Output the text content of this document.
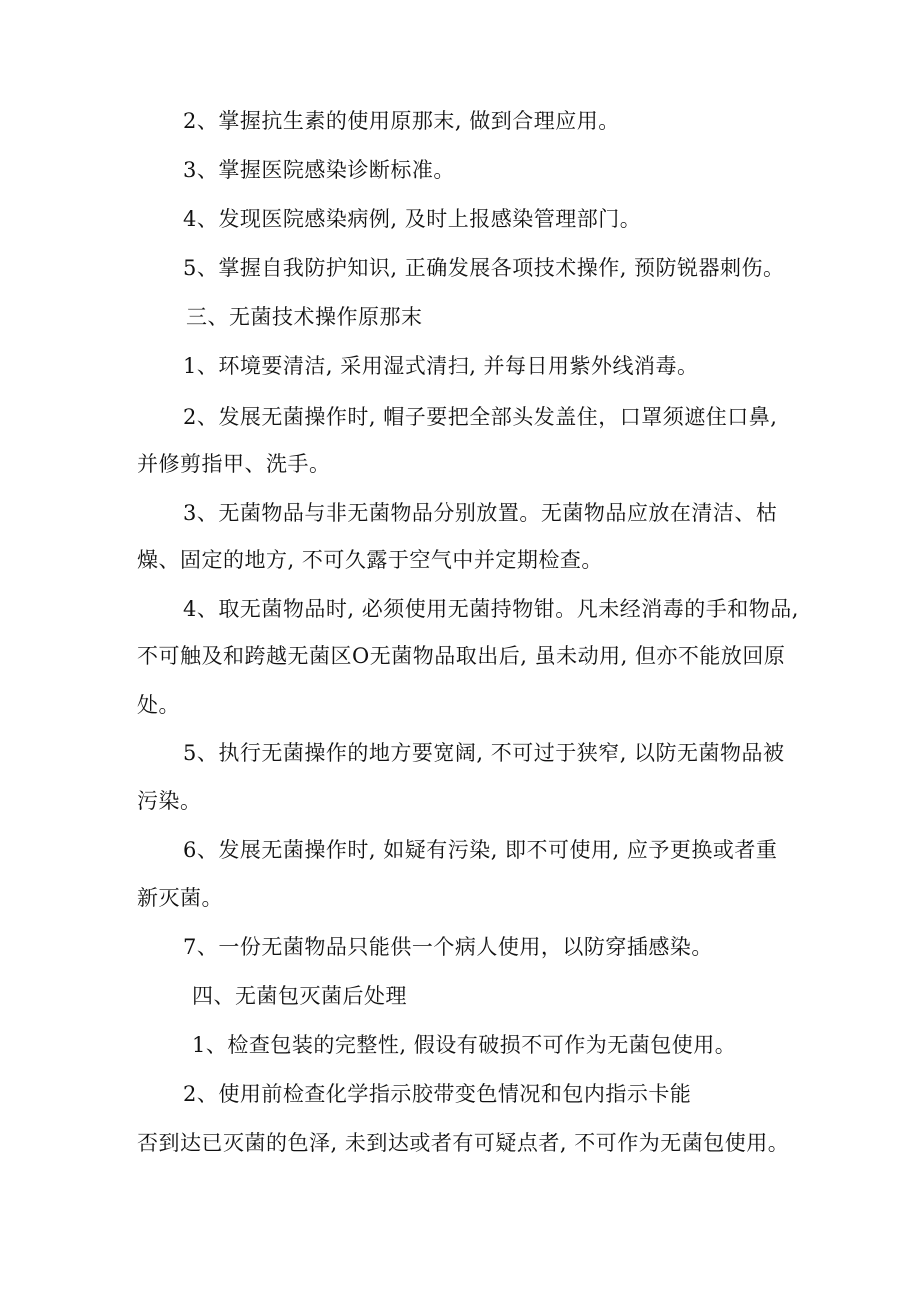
2、掌握抗生素的使用原那末, 做到合理应用。
3、掌握医院感染诊断标准。
4、发现医院感染病例, 及时上报感染管理部门。
5、掌握自我防护知识, 正确发展各项技术操作, 预防锐器刺伤。
三、无菌技术操作原那末
1、环境要清洁, 采用湿式清扫, 并每日用紫外线消毒。
2、发展无菌操作时, 帽子要把全部头发盖住，口罩须遮住口鼻,
并修剪指甲、洗手。
3、无菌物品与非无菌物品分别放置。无菌物品应放在清洁、枯
燥、固定的地方, 不可久露于空气中并定期检查。
4、取无菌物品时, 必须使用无菌持物钳。凡未经消毒的手和物品,
不可触及和跨越无菌区O无菌物品取出后, 虽未动用, 但亦不能放回原
处。
5、执行无菌操作的地方要宽阔, 不可过于狭窄, 以防无菌物品被
污染。
6、发展无菌操作时, 如疑有污染, 即不可使用, 应予更换或者重
新灭菌。
7、一份无菌物品只能供一个病人使用，以防穿插感染。
四、无菌包灭菌后处理
1、检查包装的完整性, 假设有破损不可作为无菌包使用。
2、使用前检查化学指示胶带变色情况和包内指示卡能
否到达已灭菌的色泽, 未到达或者有可疑点者, 不可作为无菌包使用。
